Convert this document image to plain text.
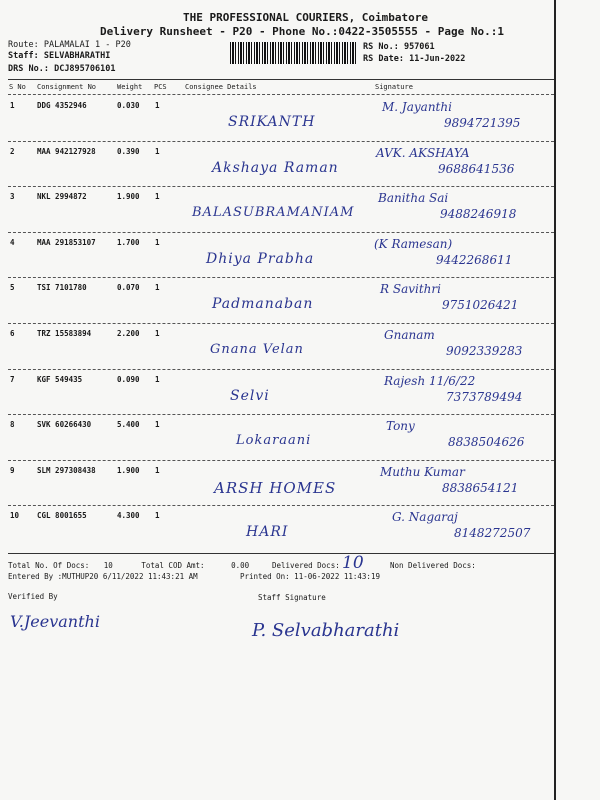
THE PROFESSIONAL COURIERS, Coimbatore
Delivery Runsheet - P20 - Phone No.:0422-3505555 - Page No.:1
Route: PALAMALAI 1 - P20
Staff: SELVABHARATHI
DRS No.: DCJ895706101
RS No.: 957061
RS Date: 11-Jun-2022
S No Consignment No	Weight PCS	Consignee Details	Signature
1	DDG 4352946	0.030 1
SRIKANTH
M. Jayanthi
9894721395
2	MAA 942127928	0.390 1
Akshaya Raman
AVK. AKSHAYA
9688641536
3	NKL 2994872	1.900 1
BALASUBRAMANIAM
Banitha Sai
9488246918
4	MAA 291853107	1.700 1
Dhiya Prabha
(K Ramesan)
9442268611
5	TSI 7101780	0.070 1
Padmanaban
R Savithri
9751026421
6	TRZ 15583894	2.200 1
Gnana Velan
Gnanam
9092339283
7	KGF 549435	0.090 1
Selvi
Rajesh 11/6/22
7373789494
8	SVK 60266430	5.400 1
Lokaraani
Tony
8838504626
9	SLM 297308438	1.900 1
ARSH HOMES
Muthu Kumar
8838654121
10 CGL 8001655	4.300 1
HARI
G. Nagaraj
8148272507
Total No. Of Docs: 10	Total COD Amt:	0.00	Delivered Docs: 10	Non Delivered Docs:
Entered By :MUTHUP20 6/11/2022 11:43:21 AM	Printed On: 11-06-2022 11:43:19
Verified By	Staff Signature
V.Jeevanthi	P. Selvabharathi
